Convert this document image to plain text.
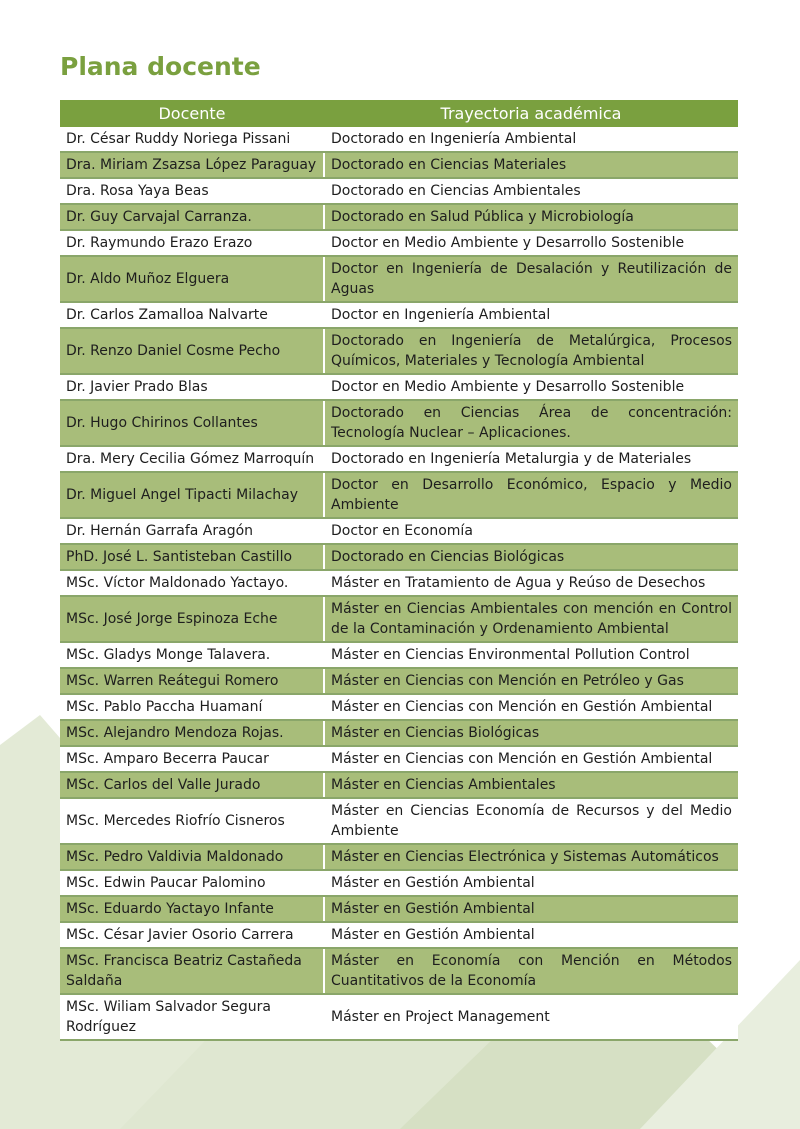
Plana docente
Docente	Trayectoria académica
Dr. César Ruddy Noriega Pissani	Doctorado en Ingeniería Ambiental
Dra. Miriam Zsazsa López Paraguay	Doctorado en Ciencias Materiales
Dra. Rosa Yaya Beas	Doctorado en Ciencias Ambientales
Dr. Guy Carvajal Carranza.	Doctorado en Salud Pública y Microbiología
Dr. Raymundo Erazo Erazo	Doctor en Medio Ambiente y Desarrollo Sostenible
Dr. Aldo Muñoz Elguera	Doctor en Ingeniería de Desalación y Reutilización de Aguas
Dr. Carlos Zamalloa Nalvarte	Doctor en Ingeniería Ambiental
Dr. Renzo Daniel Cosme Pecho	Doctorado en Ingeniería de Metalúrgica, Procesos Químicos, Materiales y Tecnología Ambiental
Dr. Javier Prado Blas	Doctor en Medio Ambiente y Desarrollo Sostenible
Dr. Hugo Chirinos Collantes	Doctorado en Ciencias Área de concentración: Tecnología Nuclear – Aplicaciones.
Dra. Mery Cecilia Gómez Marroquín	Doctorado en Ingeniería Metalurgia y de Materiales
Dr. Miguel Angel Tipacti Milachay	Doctor en Desarrollo Económico, Espacio y Medio Ambiente
Dr. Hernán Garrafa Aragón	Doctor en Economía
PhD. José L. Santisteban Castillo	Doctorado en Ciencias Biológicas
MSc. Víctor Maldonado Yactayo.	Máster en Tratamiento de Agua y Reúso de Desechos
MSc. José Jorge Espinoza Eche	Máster en Ciencias Ambientales con mención en Control de la Contaminación y Ordenamiento Ambiental
MSc. Gladys Monge Talavera.	Máster en Ciencias Environmental Pollution Control
MSc. Warren Reátegui Romero	Máster en Ciencias con Mención en Petróleo y Gas
MSc. Pablo Paccha Huamaní	Máster en Ciencias con Mención en Gestión Ambiental
MSc. Alejandro Mendoza Rojas.	Máster en Ciencias Biológicas
MSc. Amparo Becerra Paucar	Máster en Ciencias con Mención en Gestión Ambiental
MSc. Carlos del Valle Jurado	Máster en Ciencias Ambientales
MSc. Mercedes Riofrío Cisneros	Máster en Ciencias Economía de Recursos y del Medio Ambiente
MSc. Pedro Valdivia Maldonado	Máster en Ciencias Electrónica y Sistemas Automáticos
MSc. Edwin Paucar Palomino	Máster en Gestión Ambiental
MSc. Eduardo Yactayo Infante	Máster en Gestión Ambiental
MSc. César Javier Osorio Carrera	Máster en Gestión Ambiental
MSc. Francisca Beatriz Castañeda Saldaña	Máster en Economía con Mención en Métodos Cuantitativos de la Economía
MSc. Wiliam Salvador Segura Rodríguez	Máster en Project Management
